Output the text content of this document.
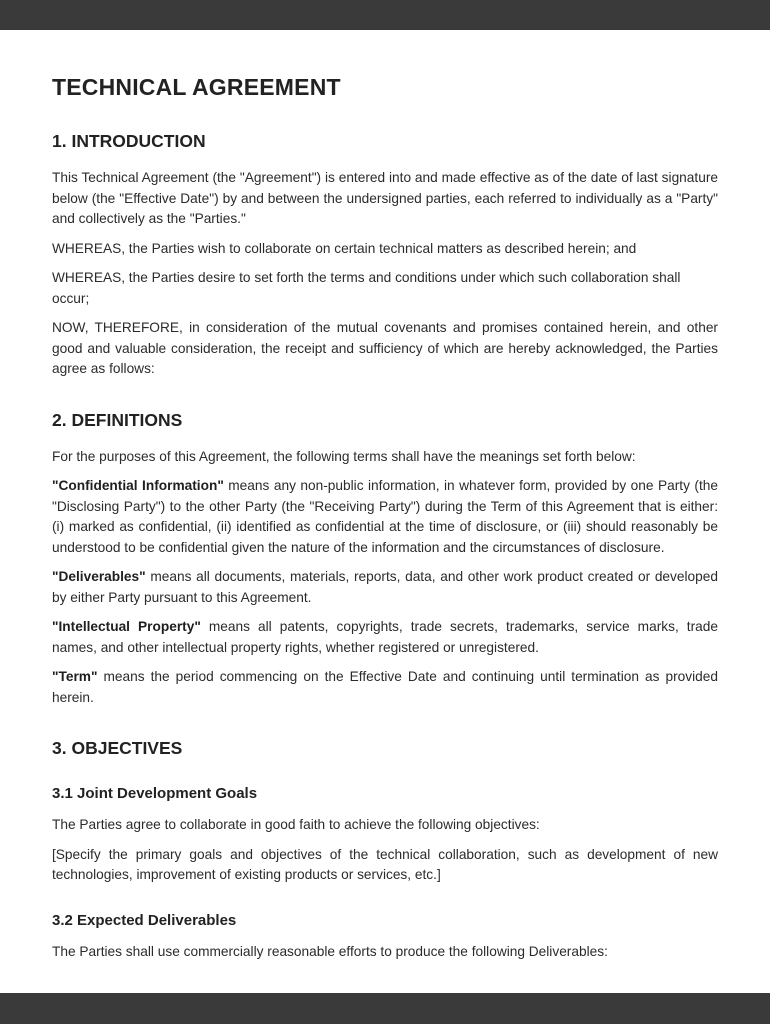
TECHNICAL AGREEMENT
1. INTRODUCTION

This Technical Agreement (the "Agreement") is entered into and made effective as of the date of last signature below (the "Effective Date") by and between the undersigned parties, each referred to individually as a "Party" and collectively as the "Parties."

WHEREAS, the Parties wish to collaborate on certain technical matters as described herein; and

WHEREAS, the Parties desire to set forth the terms and conditions under which such collaboration shall occur;

NOW, THEREFORE, in consideration of the mutual covenants and promises contained herein, and other good and valuable consideration, the receipt and sufficiency of which are hereby acknowledged, the Parties agree as follows:

2. DEFINITIONS

For the purposes of this Agreement, the following terms shall have the meanings set forth below:

"Confidential Information" means any non-public information, in whatever form, provided by one Party (the "Disclosing Party") to the other Party (the "Receiving Party") during the Term of this Agreement that is either: (i) marked as confidential, (ii) identified as confidential at the time of disclosure, or (iii) should reasonably be understood to be confidential given the nature of the information and the circumstances of disclosure.

"Deliverables" means all documents, materials, reports, data, and other work product created or developed by either Party pursuant to this Agreement.

"Intellectual Property" means all patents, copyrights, trade secrets, trademarks, service marks, trade names, and other intellectual property rights, whether registered or unregistered.

"Term" means the period commencing on the Effective Date and continuing until termination as provided herein.

3. OBJECTIVES
3.1 Joint Development Goals

The Parties agree to collaborate in good faith to achieve the following objectives:

[Specify the primary goals and objectives of the technical collaboration, such as development of new technologies, improvement of existing products or services, etc.]

3.2 Expected Deliverables

The Parties shall use commercially reasonable efforts to produce the following Deliverables:
